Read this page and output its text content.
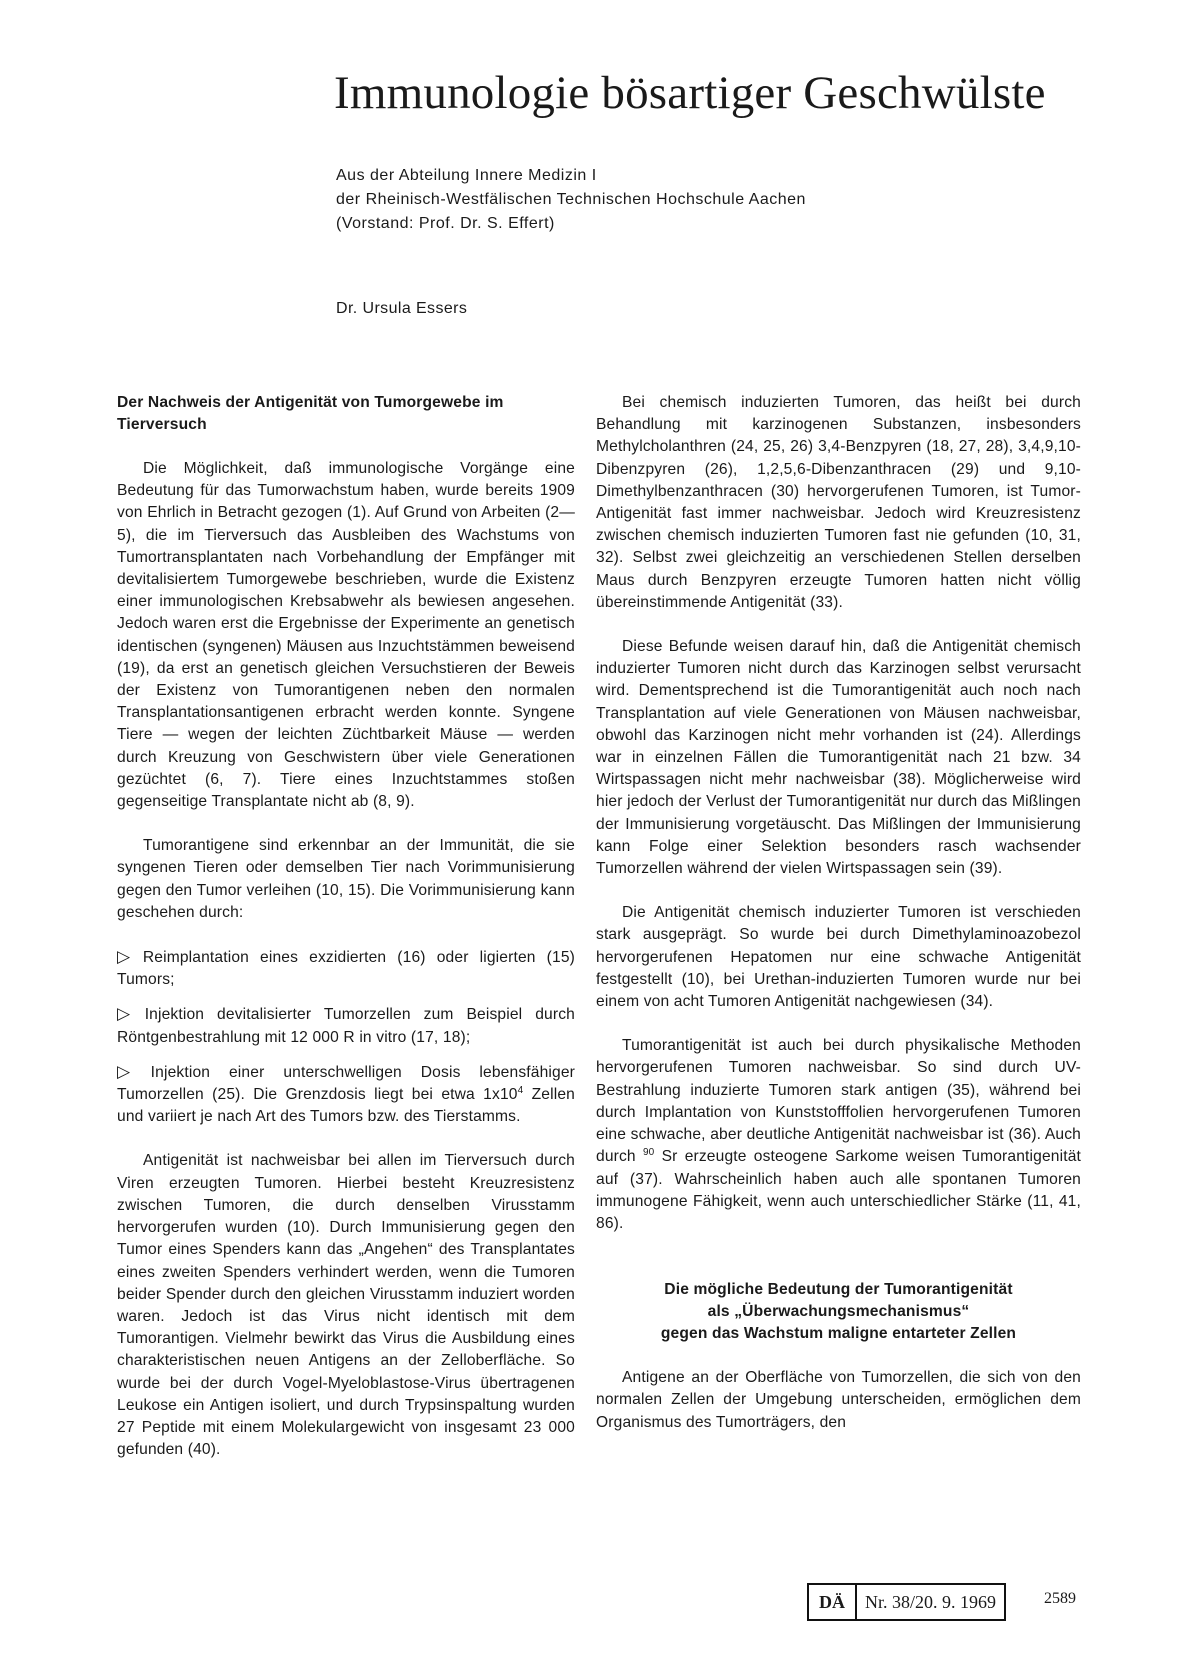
Immunologie bösartiger Geschwülste
Aus der Abteilung Innere Medizin I
der Rheinisch-Westfälischen Technischen Hochschule Aachen
(Vorstand: Prof. Dr. S. Effert)
Dr. Ursula Essers
Der Nachweis der Antigenität von Tumorgewebe im Tierversuch

Die Möglichkeit, daß immunologische Vorgänge eine Bedeutung für das Tumorwachstum haben, wurde bereits 1909 von Ehrlich in Betracht gezogen (1). Auf Grund von Arbeiten (2—5), die im Tierversuch das Ausbleiben des Wachstums von Tumortransplantaten nach Vorbehandlung der Empfänger mit devitalisiertem Tumorgewebe beschrieben, wurde die Existenz einer immunologischen Krebsabwehr als bewiesen angesehen. Jedoch waren erst die Ergebnisse der Experimente an genetisch identischen (syngenen) Mäusen aus Inzuchtstämmen beweisend (19), da erst an genetisch gleichen Versuchstieren der Beweis der Existenz von Tumorantigenen neben den normalen Transplantationsantigenen erbracht werden konnte. Syngene Tiere — wegen der leichten Züchtbarkeit Mäuse — werden durch Kreuzung von Geschwistern über viele Generationen gezüchtet (6, 7). Tiere eines Inzuchtstammes stoßen gegenseitige Transplantate nicht ab (8, 9).

Tumorantigene sind erkennbar an der Immunität, die sie syngenen Tieren oder demselben Tier nach Vorimmunisierung gegen den Tumor verleihen (10, 15). Die Vorimmunisierung kann geschehen durch:

▷ Reimplantation eines exzidierten (16) oder ligierten (15) Tumors;

▷ Injektion devitalisierter Tumorzellen zum Beispiel durch Röntgenbestrahlung mit 12 000 R in vitro (17, 18);

▷ Injektion einer unterschwelligen Dosis lebensfähiger Tumorzellen (25). Die Grenzdosis liegt bei etwa $1x10^4$ Zellen und variiert je nach Art des Tumors bzw. des Tierstamms.

Antigenität ist nachweisbar bei allen im Tierversuch durch Viren erzeugten Tumoren. Hierbei besteht Kreuzresistenz zwischen Tumoren, die durch denselben Virusstamm hervorgerufen wurden (10). Durch Immunisierung gegen den Tumor eines Spenders kann das „Angehen“ des Transplantates eines zweiten Spenders verhindert werden, wenn die Tumoren beider Spender durch den gleichen Virusstamm induziert worden waren. Jedoch ist das Virus nicht identisch mit dem Tumorantigen. Vielmehr bewirkt das Virus die Ausbildung eines charakteristischen neuen Antigens an der Zelloberfläche. So wurde bei der durch Vogel-Myeloblastose-Virus übertragenen Leukose ein Antigen isoliert, und durch Trypsinspaltung wurden 27 Peptide mit einem Molekulargewicht von insgesamt 23 000 gefunden (40).

Bei chemisch induzierten Tumoren, das heißt bei durch Behandlung mit karzinogenen Substanzen, insbesonders Methylcholanthren (24, 25, 26) 3,4-Benzpyren (18, 27, 28), 3,4,9,10-Dibenzpyren (26), 1,2,5,6-Dibenzanthracen (29) und 9,10-Dimethylbenzanthracen (30) hervorgerufenen Tumoren, ist Tumor-Antigenität fast immer nachweisbar. Jedoch wird Kreuzresistenz zwischen chemisch induzierten Tumoren fast nie gefunden (10, 31, 32). Selbst zwei gleichzeitig an verschiedenen Stellen derselben Maus durch Benzpyren erzeugte Tumoren hatten nicht völlig übereinstimmende Antigenität (33).

Diese Befunde weisen darauf hin, daß die Antigenität chemisch induzierter Tumoren nicht durch das Karzinogen selbst verursacht wird. Dementsprechend ist die Tumorantigenität auch noch nach Transplantation auf viele Generationen von Mäusen nachweisbar, obwohl das Karzinogen nicht mehr vorhanden ist (24). Allerdings war in einzelnen Fällen die Tumorantigenität nach 21 bzw. 34 Wirtspassagen nicht mehr nachweisbar (38). Möglicherweise wird hier jedoch der Verlust der Tumorantigenität nur durch das Mißlingen der Immunisierung vorgetäuscht. Das Mißlingen der Immunisierung kann Folge einer Selektion besonders rasch wachsender Tumorzellen während der vielen Wirtspassagen sein (39).

Die Antigenität chemisch induzierter Tumoren ist verschieden stark ausgeprägt. So wurde bei durch Dimethylaminoazobezol hervorgerufenen Hepatomen nur eine schwache Antigenität festgestellt (10), bei Urethan-induzierten Tumoren wurde nur bei einem von acht Tumoren Antigenität nachgewiesen (34).

Tumorantigenität ist auch bei durch physikalische Methoden hervorgerufenen Tumoren nachweisbar. So sind durch UV-Bestrahlung induzierte Tumoren stark antigen (35), während bei durch Implantation von Kunststofffolien hervorgerufenen Tumoren eine schwache, aber deutliche Antigenität nachweisbar ist (36). Auch durch $^{90}$ Sr erzeugte osteogene Sarkome weisen Tumorantigenität auf (37). Wahrscheinlich haben auch alle spontanen Tumoren immunogene Fähigkeit, wenn auch unterschiedlicher Stärke (11, 41, 86).

Die mögliche Bedeutung der Tumorantigenität
als „Überwachungsmechanismus“
gegen das Wachstum maligne entarteter Zellen

Antigene an der Oberfläche von Tumorzellen, die sich von den normalen Zellen der Umgebung unterscheiden, ermöglichen dem Organismus des Tumorträgers, den

DÄ	Nr. 38/20. 9. 1969	2589
